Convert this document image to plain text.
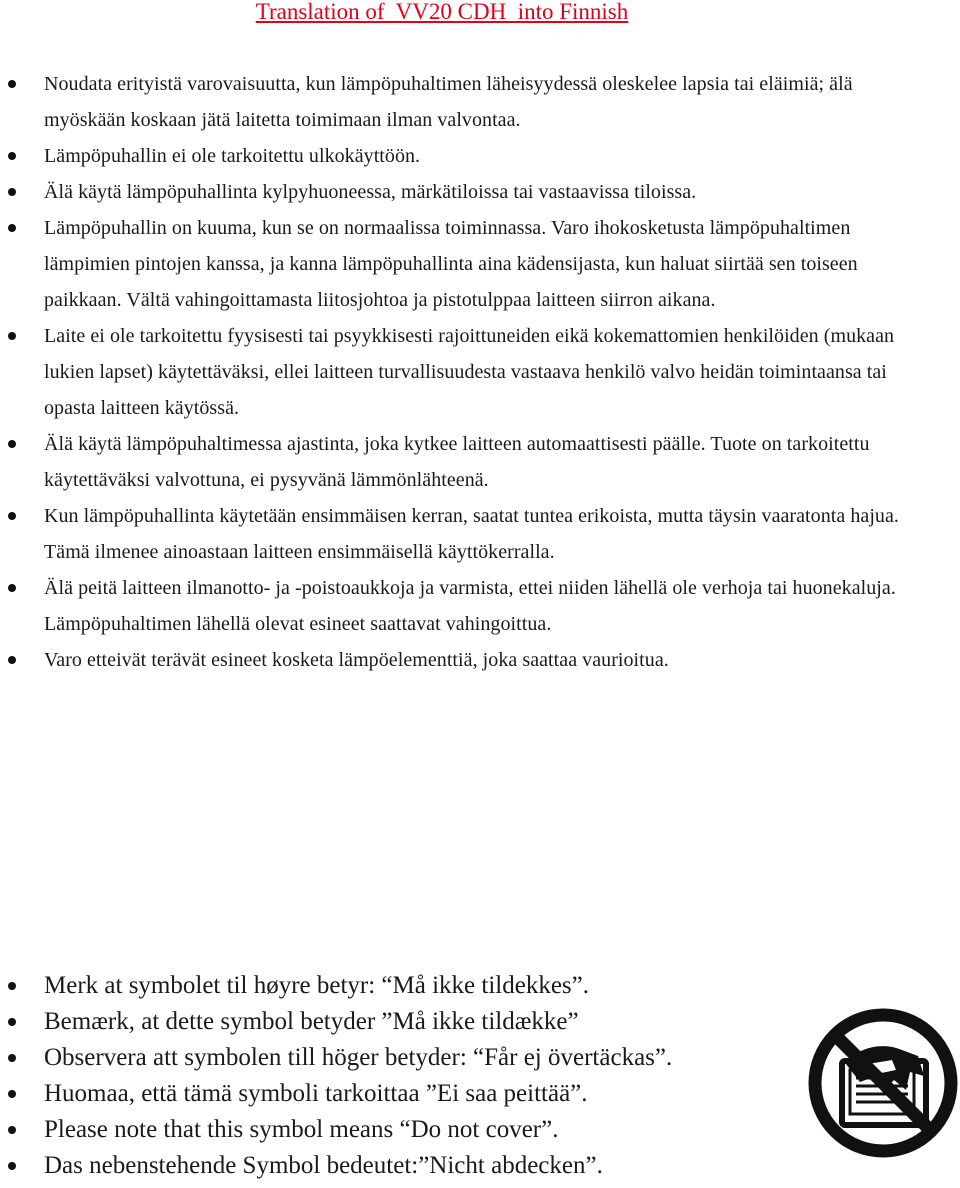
Translation of  VV20 CDH  into Finnish
Noudata erityistä varovaisuutta, kun lämpöpuhaltimen läheisyydessä oleskelee lapsia tai eläimiä; älä myöskään koskaan jätä laitetta toimimaan ilman valvontaa.
Lämpöpuhallin ei ole tarkoitettu ulkokäyttöön.
Älä käytä lämpöpuhallinta kylpyhuoneessa, märkätiloissa tai vastaavissa tiloissa.
Lämpöpuhallin on kuuma, kun se on normaalissa toiminnassa. Varo ihokosketusta lämpöpuhaltimen lämpimien pintojen kanssa, ja kanna lämpöpuhallinta aina kädensijasta, kun haluat siirtää sen toiseen paikkaan. Vältä vahingoittamasta liitosjohtoa ja pistotulppaa laitteen siirron aikana.
Laite ei ole tarkoitettu fyysisesti tai psyykkisesti rajoittuneiden eikä kokemattomien henkilöiden (mukaan lukien lapset) käytettäväksi, ellei laitteen turvallisuudesta vastaava henkilö valvo heidän toimintaansa tai opasta laitteen käytössä.
Älä käytä lämpöpuhaltimessa ajastinta, joka kytkee laitteen automaattisesti päälle. Tuote on tarkoitettu käytettäväksi valvottuna, ei pysyvänä lämmönlähteenä.
Kun lämpöpuhallinta käytetään ensimmäisen kerran, saatat tuntea erikoista, mutta täysin vaaratonta hajua. Tämä ilmenee ainoastaan laitteen ensimmäisellä käyttökerralla.
Älä peitä laitteen ilmanotto- ja -poistoaukkoja ja varmista, ettei niiden lähellä ole verhoja tai huonekaluja. Lämpöpuhaltimen lähellä olevat esineet saattavat vahingoittua.
Varo etteivät terävät esineet kosketa lämpöelementtiä, joka saattaa vaurioitua.
Merk at symbolet til høyre betyr: “Må ikke tildekkes”.
Bemærk, at dette symbol betyder ”Må ikke tildække”
Observera att symbolen till höger betyder: “Får ej övertäckas”.
Huomaa, että tämä symboli tarkoittaa ”Ei saa peittää”.
Please note that this symbol means “Do not cover”.
Das nebenstehende Symbol bedeutet:”Nicht abdecken”.
